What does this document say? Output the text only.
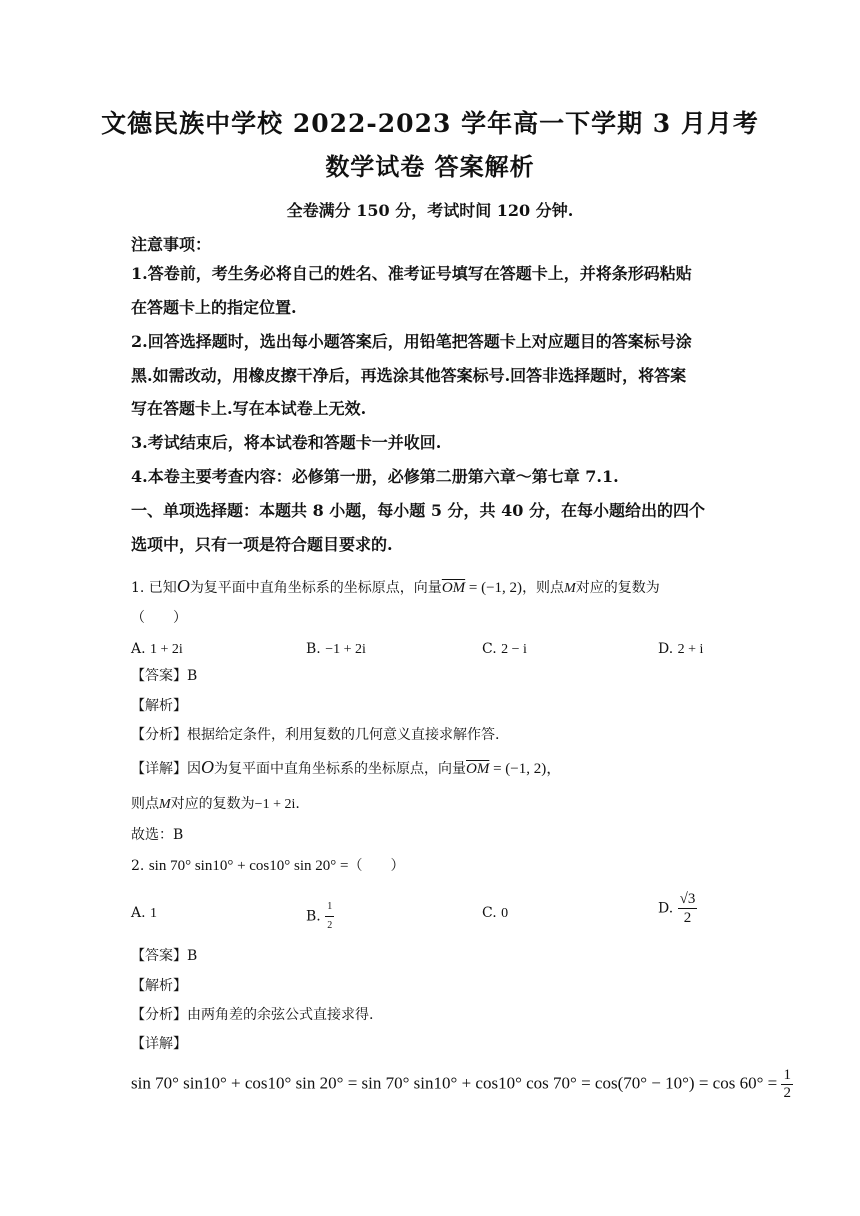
文德民族中学校 2022-2023 学年高一下学期 3 月月考
数学试卷 答案解析
全卷满分 150 分，考试时间 120 分钟.
注意事项：
1.答卷前，考生务必将自己的姓名、准考证号填写在答题卡上，并将条形码粘贴
在答题卡上的指定位置.
2.回答选择题时，选出每小题答案后，用铅笔把答题卡上对应题目的答案标号涂
黑.如需改动，用橡皮擦干净后，再选涂其他答案标号.回答非选择题时，将答案
写在答题卡上.写在本试卷上无效.
3.考试结束后，将本试卷和答题卡一并收回.
4.本卷主要考查内容：必修第一册，必修第二册第六章～第七章 7.1.
一、单项选择题：本题共 8 小题，每小题 5 分，共 40 分，在每小题给出的四个
选项中，只有一项是符合题目要求的.
1. 已知O为复平面中直角坐标系的坐标原点，向量$\overline{OM} = (-1$, 2)，则点M对应的复数为
（　　）
A. 1 + 2i	B. −1 + 2i	C. 2 − i	D. 2 + i
【答案】B
【解析】
【分析】根据给定条件，利用复数的几何意义直接求解作答.
【详解】因O为复平面中直角坐标系的坐标原点，向量$\overline{OM} = (-1$, 2)，
则点M对应的复数为−1 + 2i.
故选：B
2. sin 70° sin10° + cos10° sin 20° =（　　）
A. 1	B. $\frac{1}{2}$	C. 0	D. $\frac{√3}{2}$
【答案】B
【解析】
【分析】由两角差的余弦公式直接求得.
【详解】
sin 70° sin10° + cos10° sin 20° = sin 70° sin10° + cos10° $\cos 70^\circ = \cos(70^\circ - 10^\circ) = \cos 60^\circ = \frac{1}{2}$
